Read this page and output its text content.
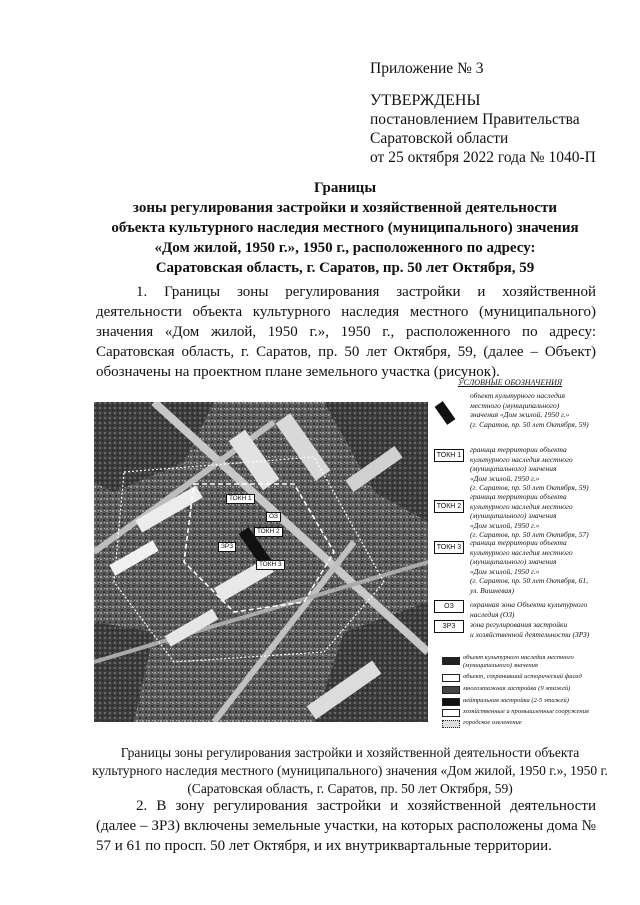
Приложение № 3
УТВЕРЖДЕНЫ
постановлением Правительства
Саратовской области
от 25 октября 2022 года № 1040-П
Границы
зоны регулирования застройки и хозяйственной деятельности
объекта культурного наследия местного (муниципального) значения
«Дом жилой, 1950 г.», 1950 г., расположенного по адресу:
Саратовская область, г. Саратов, пр. 50 лет Октября, 59
1. Границы зоны регулирования застройки и хозяйственной деятельности объекта культурного наследия местного (муниципального) значения «Дом жилой, 1950 г.», 1950 г., расположенного по адресу: Саратовская область, г. Саратов, пр. 50 лет Октября, 59, (далее – Объект) обозначены на проектном плане земельного участка (рисунок).
ТОКН 1
ОЗ
ТОКН 2
ЗРЗ
ТОКН 3
УСЛОВНЫЕ ОБОЗНАЧЕНИЯ
объект культурного наследия
местного (муниципального)
значения «Дом жилой, 1950 г.»
(г. Саратов, пр. 50 лет Октября, 59)
ТОКН 1
граница территории объекта
культурного наследия местного
(муниципального) значения
«Дом жилой, 1950 г.»
(г. Саратов, пр. 50 лет Октября, 59)
ТОКН 2
граница территории объекта
культурного наследия местного
(муниципального) значения
«Дом жилой, 1950 г.»
(г. Саратов, пр. 50 лет Октября, 57)
ТОКН 3
граница территории объекта
культурного наследия местного
(муниципального) значения
«Дом жилой, 1950 г.»
(г. Саратов, пр. 50 лет Октября, 61,
ул. Вишневая)
ОЗ	охранная зона Объекта культурного
наследия (ОЗ)
ЗРЗ	зона регулирования застройки
и хозяйственной деятельности (ЗРЗ)
объект культурного наследия местного
(муниципального) значения
объект, сохранивший исторический фасад
многоэтажная застройка (9 этажей)
нейтральная застройка (2-5 этажей)
хозяйственные и промышленные сооружения
городское озеленение
Границы зоны регулирования застройки и хозяйственной деятельности объекта
культурного наследия местного (муниципального) значения «Дом жилой, 1950 г.», 1950 г.
(Саратовская область, г. Саратов, пр. 50 лет Октября, 59)
2. В зону регулирования застройки и хозяйственной деятельности (далее – ЗРЗ) включены земельные участки, на которых расположены дома № 57 и 61 по просп. 50 лет Октября, и их внутриквартальные территории.
